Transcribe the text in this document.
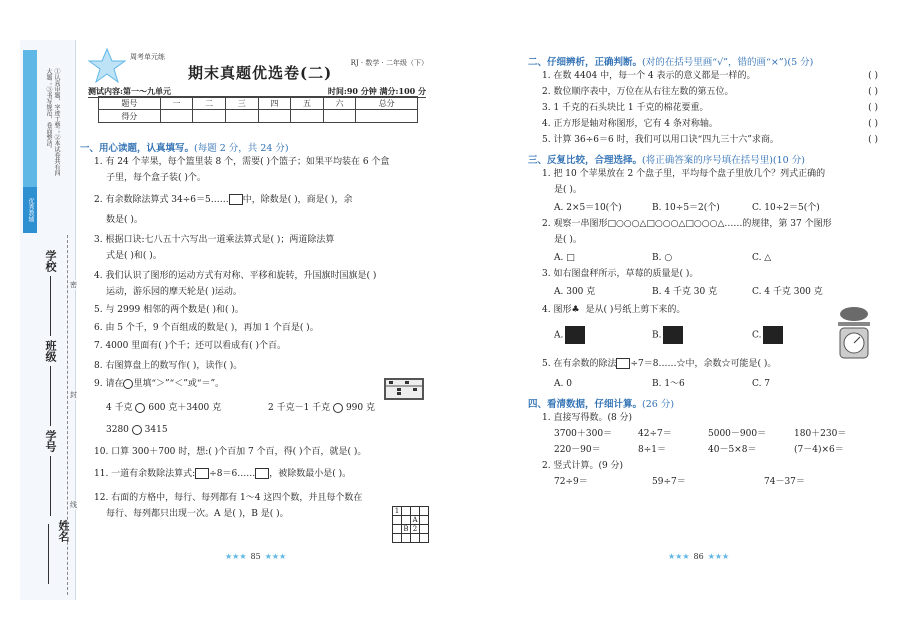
①认真审题，字迹工整；②本试卷共有四大题；③书写规范，卷面整洁。
优秀教辅
学校
班级
学号
姓名
密
封
线
周考单元练
期末真题优选卷(二)
RJ · 数学 · 二年级（下）
测试内容:第一～九单元	时间:90 分钟 满分:100 分
题号	一	二	三	四	五	六	总分
得分							
一、用心读题，认真填写。(每题 2 分，共 24 分)
1. 有 24 个苹果，每个篮里装 8 个，需要( )个篮子；如果平均装在 6 个盒
子里，每个盒子装( )个。
2. 有余数除法算式 34÷6＝5…… 中，除数是( )，商是( )，余
数是( )。
3. 根据口诀:七八五十六写出一道乘法算式是( )；两道除法算
式是( )和( )。
4. 我们认识了图形的运动方式有对称、平移和旋转，升国旗时国旗是( )
运动，游乐园的摩天轮是( )运动。
5. 与 2999 相邻的两个数是( )和( )。
6. 由 5 个千，9 个百组成的数是( )，再加 1 个百是( )。
7. 4000 里面有( )个千；还可以看成有( )个百。
8. 右图算盘上的数写作( )，读作( )。
9. 请在 里填“＞”“＜”或“＝”。
4 千克 600 克＋3400 克	2 千克－1 千克 990 克
3280 3415
10. 口算 300＋700 时，想:( )个百加 7 个百，得( )个百，就是( )。
11. 一道有余数除法算式: ÷8＝6…… ，被除数最小是( )。
12. 右面的方格中，每行、每列都有 1～4 这四个数，并且每个数在
每行、每列都只出现一次。A 是( )，B 是( )。	1			
		A	
	B	2	

★★★ 85 ★★★
二、仔细辨析，正确判断。(对的在括号里画“√”，错的画“×”)(5 分)
1. 在数 4404 中，每一个 4 表示的意义都是一样的。	( )
2. 数位顺序表中，万位在从右往左数的第五位。	( )
3. 1 千克的石头块比 1 千克的棉花要重。	( )
4. 正方形是轴对称图形，它有 4 条对称轴。	( )
5. 计算 36÷6＝6 时，我们可以用口诀“四九三十六”求商。	( )
三、反复比较，合理选择。(将正确答案的序号填在括号里)(10 分)
1. 把 10 个苹果放在 2 个盘子里，平均每个盘子里放几个？列式正确的
是( )。
A. 2×5＝10(个)	B. 10÷5＝2(个)	C. 10÷2＝5(个)
2. 观察一串图形□○○○△□○○○△□○○○△……的规律，第 37 个图形
是( )。
A. □	B. ○	C. △
3. 如右图盘秤所示，草莓的质量是( )。
A. 300 克	B. 4 千克 30 克	C. 4 千克 300 克
4. 图形♣ 是从( )号纸上剪下来的。
A.	B.	C.
5. 在有余数的除法 ÷7＝8……☆中，余数☆可能是( )。
A. 0	B. 1～6	C. 7
四、看清数据，仔细计算。(26 分)
1. 直接写得数。(8 分)
3700＋300＝	42÷7＝	5000－900＝	180＋230＝
220－90＝	8÷1＝	40－5×8＝	(7－4)×6＝
2. 竖式计算。(9 分)
72÷9＝	59÷7＝	74－37＝
★★★ 86 ★★★
